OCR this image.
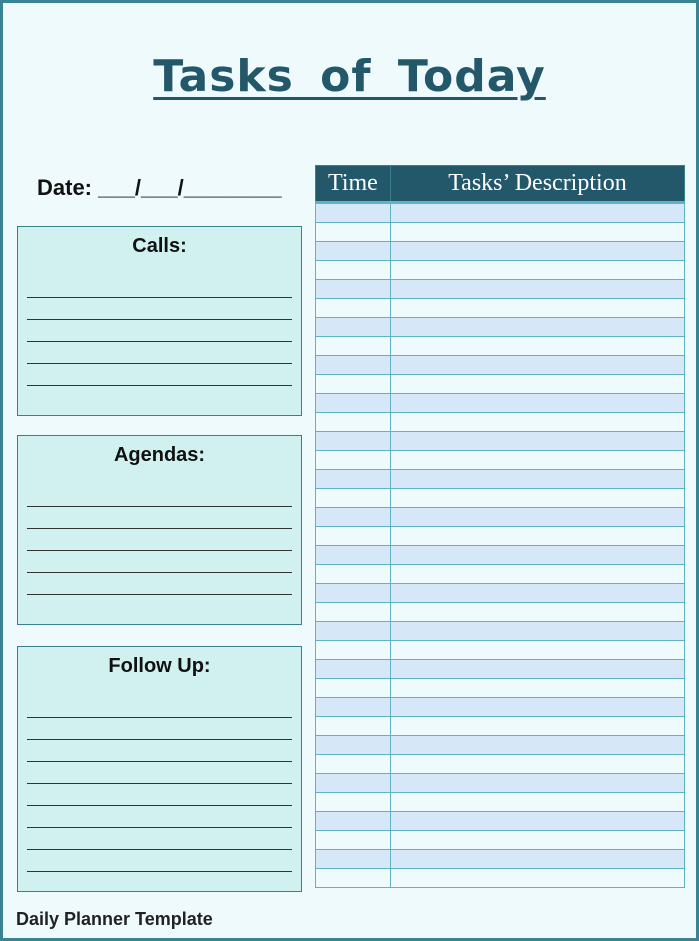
Tasks of Today
Date: ___/___/________
Calls:
Agendas:
Follow Up:
Time	Tasks’ Description

Daily Planner Template
